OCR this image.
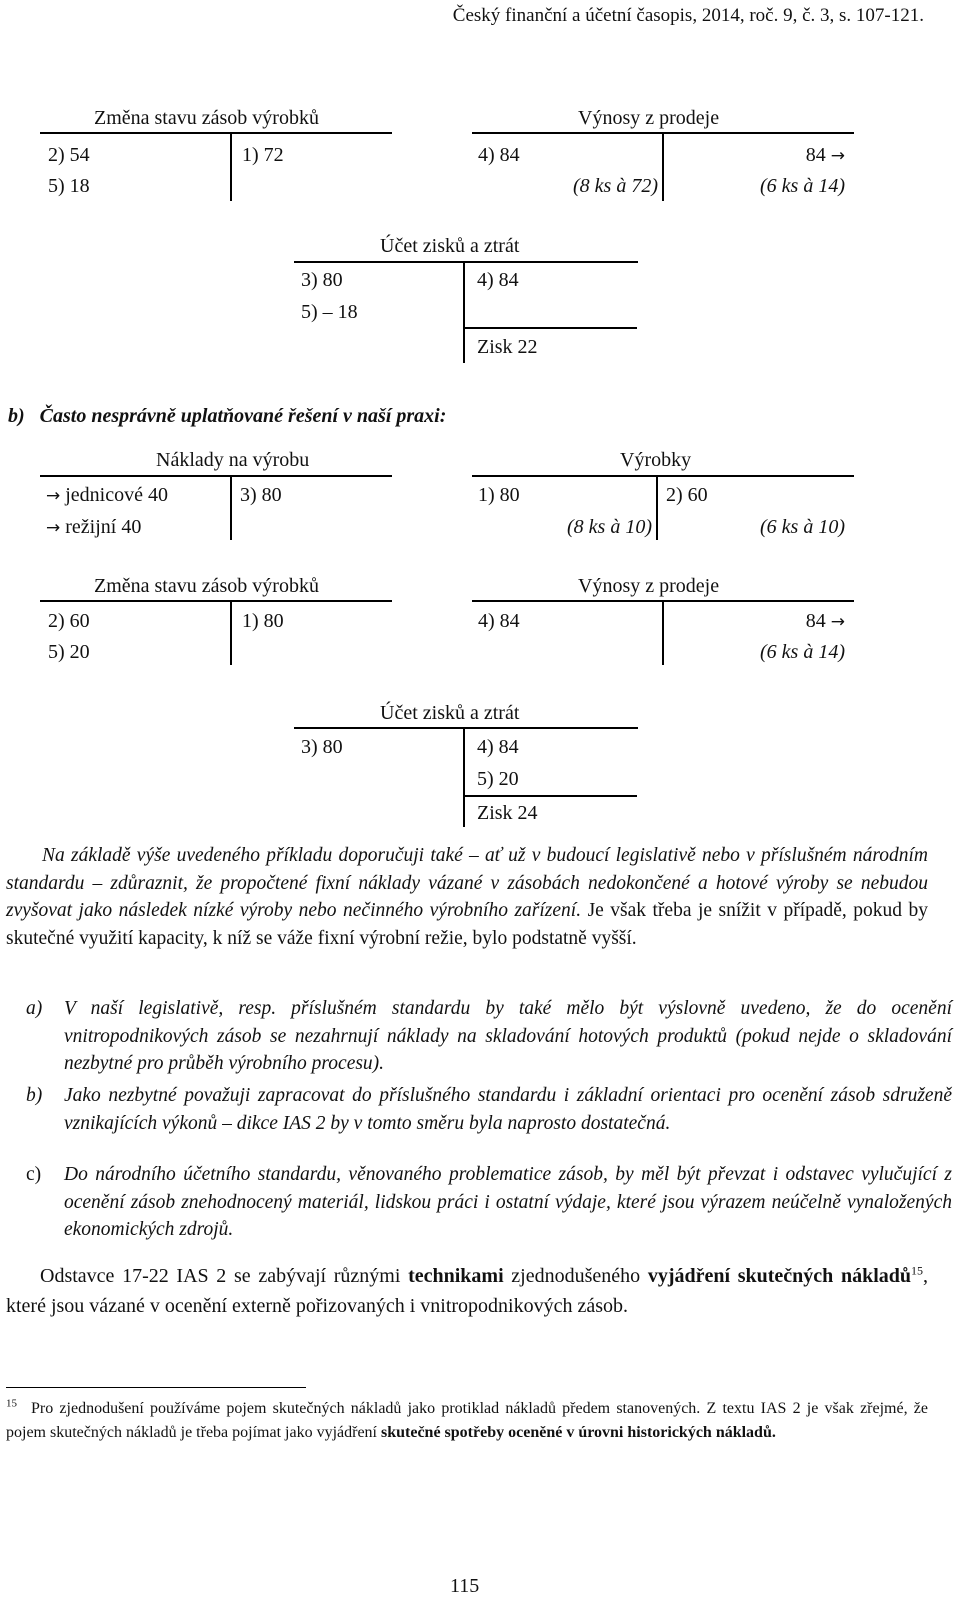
Český finanční a účetní časopis, 2014, roč. 9, č. 3, s. 107-121.
Změna stavu zásob výrobků
2) 54
5) 18
1) 72
Výnosy z prodeje
4) 84
(8 ks à 72)
84 →
(6 ks à 14)
Účet zisků a ztrát
3) 80
5) – 18
4) 84
Zisk 22
b) Často nesprávně uplatňované řešení v naší praxi:
Náklady na výrobu
→ jednicové 40
→ režijní 40
3) 80
Výrobky
1) 80
(8 ks à 10)
2) 60
(6 ks à 10)
Změna stavu zásob výrobků
2) 60
5) 20
1) 80
Výnosy z prodeje
4) 84	84 →
(6 ks à 14)
Účet zisků a ztrát
3) 80	4) 84
5) 20
Zisk 24
Na základě výše uvedeného příkladu doporučuji také – ať už v budoucí legislativě nebo v příslušném národním standardu – zdůraznit, že propočtené fixní náklady vázané v zásobách nedokončené a hotové výroby se nebudou zvyšovat jako následek nízké výroby nebo nečinného výrobního zařízení. Je však třeba je snížit v případě, pokud by skutečné využití kapacity, k níž se váže fixní výrobní režie, bylo podstatně vyšší.
a) V naší legislativě, resp. příslušném standardu by také mělo být výslovně uvedeno, že do ocenění vnitropodnikových zásob se nezahrnují náklady na skladování hotových produktů (pokud nejde o skladování nezbytné pro průběh výrobního procesu).
b) Jako nezbytné považuji zapracovat do příslušného standardu i základní orientaci pro ocenění zásob sdruženě vznikajících výkonů – dikce IAS 2 by v tomto směru byla naprosto dostatečná.
c) Do národního účetního standardu, věnovaného problematice zásob, by měl být převzat i odstavec vylučující z ocenění zásob znehodnocený materiál, lidskou práci i ostatní výdaje, které jsou výrazem neúčelně vynaložených ekonomických zdrojů.
Odstavce 17-22 IAS 2 se zabývají různými technikami zjednodušeného vyjádření skutečných nákladů$^{15}$, které jsou vázané v ocenění externě pořizovaných i vnitropodnikových zásob.
$^{15}$ Pro zjednodušení používáme pojem skutečných nákladů jako protiklad nákladů předem stanovených. Z textu IAS 2 je však zřejmé, že pojem skutečných nákladů je třeba pojímat jako vyjádření skutečné spotřeby oceněné v úrovni historických nákladů.
115
